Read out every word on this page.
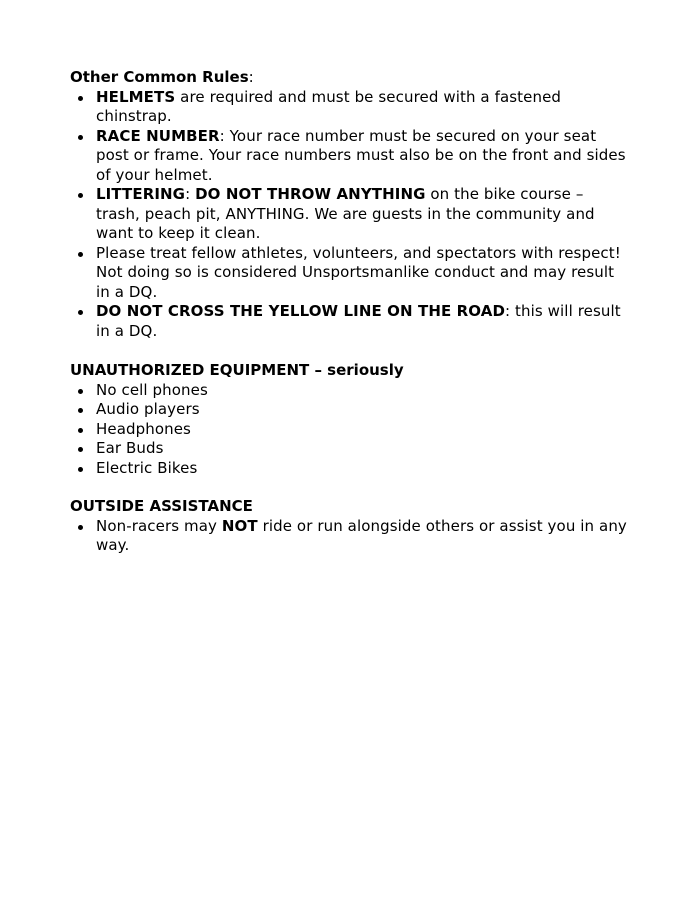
Other Common Rules:

HELMETS are required and must be secured with a fastened chinstrap.
RACE NUMBER: Your race number must be secured on your seat post or frame. Your race numbers must also be on the front and sides of your helmet.
LITTERING: DO NOT THROW ANYTHING on the bike course – trash, peach pit, ANYTHING. We are guests in the community and want to keep it clean.
Please treat fellow athletes, volunteers, and spectators with respect! Not doing so is considered Unsportsmanlike conduct and may result in a DQ.
DO NOT CROSS THE YELLOW LINE ON THE ROAD: this will result in a DQ.

UNAUTHORIZED EQUIPMENT – seriously

No cell phones
Audio players
Headphones
Ear Buds
Electric Bikes

OUTSIDE ASSISTANCE

Non-racers may NOT ride or run alongside others or assist you in any way.
